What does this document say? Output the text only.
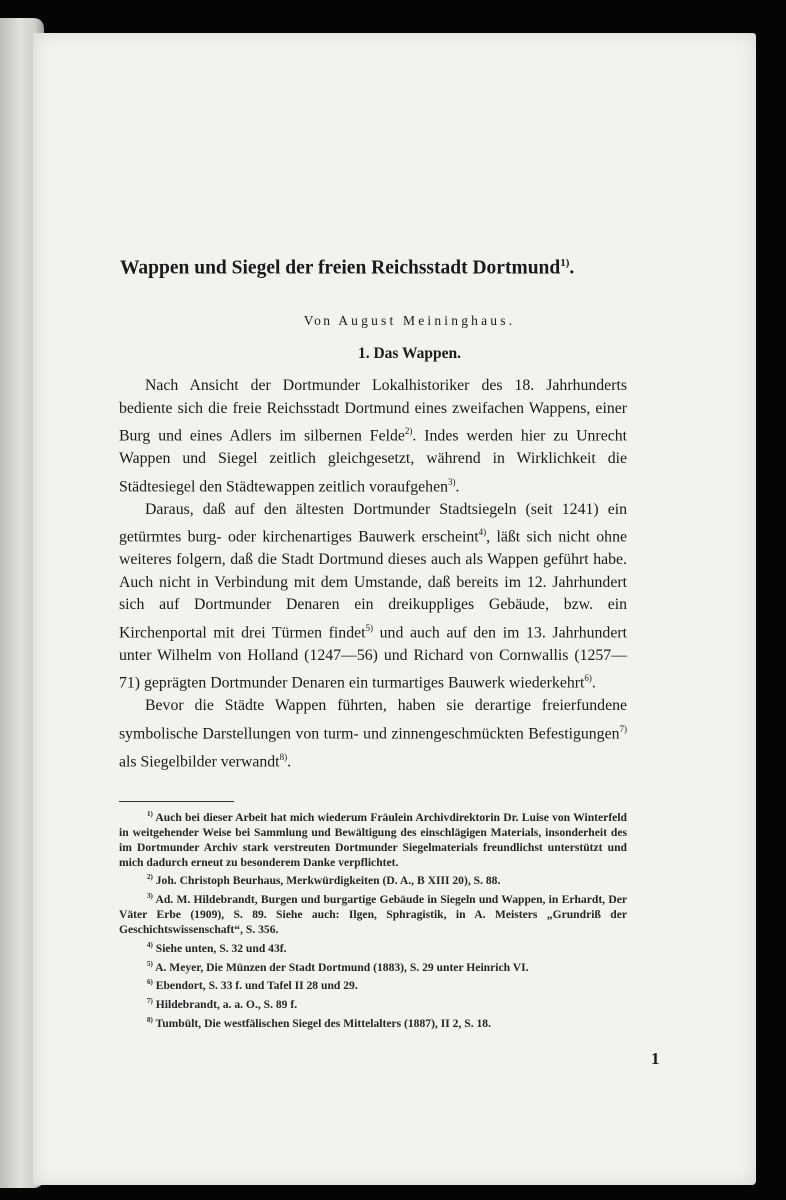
Wappen und Siegel der freien Reichsstadt Dortmund$^{1)}$.

Von August Meininghaus.

1. Das Wappen.

Nach Ansicht der Dortmunder Lokalhistoriker des 18. Jahrhunderts bediente sich die freie Reichsstadt Dortmund eines zweifachen Wappens, einer Burg und eines Adlers im silbernen Felde$^{2)}$. Indes werden hier zu Unrecht Wappen und Siegel zeitlich gleichgesetzt, während in Wirklichkeit die Städtesiegel den Städtewappen zeitlich voraufgehen$^{3)}$.

Daraus, daß auf den ältesten Dortmunder Stadtsiegeln (seit 1241) ein getürmtes burg- oder kirchenartiges Bauwerk erscheint$^{4)}$, läßt sich nicht ohne weiteres folgern, daß die Stadt Dortmund dieses auch als Wappen geführt habe. Auch nicht in Verbindung mit dem Umstande, daß bereits im 12. Jahrhundert sich auf Dortmunder Denaren ein dreikuppliges Gebäude, bzw. ein Kirchenportal mit drei Türmen findet$^{5)}$ und auch auf den im 13. Jahrhundert unter Wilhelm von Holland (1247—56) und Richard von Cornwallis (1257—71) geprägten Dortmunder Denaren ein turmartiges Bauwerk wiederkehrt$^{6)}$.

Bevor die Städte Wappen führten, haben sie derartige freierfundene symbolische Darstellungen von turm- und zinnengeschmückten Befestigungen$^{7)}$ als Siegelbilder verwandt$^{8)}$.

$^{1)}$ Auch bei dieser Arbeit hat mich wiederum Fräulein Archivdirektorin Dr. Luise von Winterfeld in weitgehender Weise bei Sammlung und Bewältigung des einschlägigen Materials, insonderheit des im Dortmunder Archiv stark verstreuten Dortmunder Siegelmaterials freundlichst unterstützt und mich dadurch erneut zu besonderem Danke verpflichtet.

$^{2)}$ Joh. Christoph Beurhaus, Merkwürdigkeiten (D. A., B XIII 20), S. 88.

$^{3)}$ Ad. M. Hildebrandt, Burgen und burgartige Gebäude in Siegeln und Wappen, in Erhardt, Der Väter Erbe (1909), S. 89. Siehe auch: Ilgen, Sphragistik, in A. Meisters „Grundriß der Geschichtswissenschaft“, S. 356.

$^{4)}$ Siehe unten, S. 32 und 43f.

$^{5)}$ A. Meyer, Die Münzen der Stadt Dortmund (1883), S. 29 unter Heinrich VI.

$^{6)}$ Ebendort, S. 33 f. und Tafel II 28 und 29.

$^{7)}$ Hildebrandt, a. a. O., S. 89 f.

$^{8)}$ Tumbült, Die westfälischen Siegel des Mittelalters (1887), II 2, S. 18.

1
